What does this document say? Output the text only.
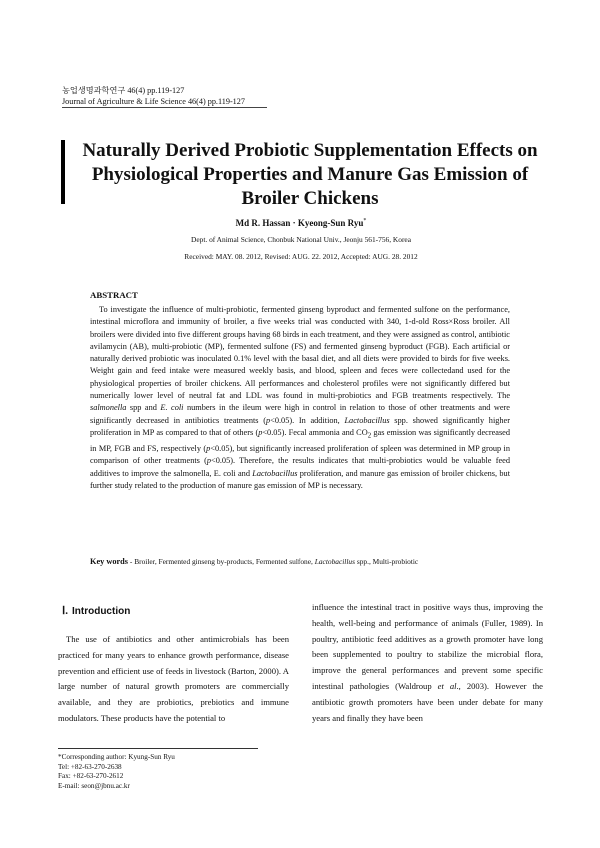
농업생명과학연구 46(4) pp.119-127
Journal of Agriculture & Life Science 46(4) pp.119-127
Naturally Derived Probiotic Supplementation Effects on Physiological Properties and Manure Gas Emission of Broiler Chickens
Md R. Hassan · Kyeong-Sun Ryu*
Dept. of Animal Science, Chonbuk National Univ., Jeonju 561-756, Korea
Received: MAY. 08. 2012, Revised: AUG. 22. 2012, Accepted: AUG. 28. 2012
ABSTRACT
To investigate the influence of multi-probiotic, fermented ginseng byproduct and fermented sulfone on the performance, intestinal microflora and immunity of broiler, a five weeks trial was conducted with 340, 1-d-old Ross×Ross broiler. All broilers were divided into five different groups having 68 birds in each treatment, and they were assigned as control, antibiotic avilamycin (AB), multi-probiotic (MP), fermented sulfone (FS) and fermented ginseng byproduct (FGB). Each artificial or naturally derived probiotic was inoculated 0.1% level with the basal diet, and all diets were provided to birds for five weeks. Weight gain and feed intake were measured weekly basis, and blood, spleen and feces were collectedand used for the physiological properties of broiler chickens. All performances and cholesterol profiles were not significantly differed but numerically lower level of neutral fat and LDL was found in multi-probiotics and FGB treatments respectively. The salmonella spp and E. coli numbers in the ileum were high in control in relation to those of other treatments and were significantly decreased in antibiotics treatments (p<0.05). In addition, Lactobacillus spp. showed significantly higher proliferation in MP as compared to that of others (p<0.05). Fecal ammonia and $CO_2$ gas emission was significantly decreased in MP, FGB and FS, respectively (p<0.05), but significantly increased proliferation of spleen was determined in MP group in comparison of other treatments (p<0.05). Therefore, the results indicates that multi-probiotics would be valuable feed additives to improve the salmonella, E. coli and Lactobacillus proliferation, and manure gas emission of broiler chickens, but further study related to the production of manure gas emission of MP is necessary.
Key words - Broiler, Fermented ginseng by-products, Fermented sulfone, Lactobacillus spp., Multi-probiotic
Ⅰ. Introduction
The use of antibiotics and other antimicrobials has been practiced for many years to enhance growth performance, disease prevention and efficient use of feeds in livestock (Barton, 2000). A large number of natural growth promoters are commercially available, and they are probiotics, prebiotics and immune modulators. These products have the potential to
influence the intestinal tract in positive ways thus, improving the health, well-being and performance of animals (Fuller, 1989). In poultry, antibiotic feed additives as a growth promoter have long been supplemented to poultry to stabilize the microbial flora, improve the general performances and prevent some specific intestinal pathologies (Waldroup et al., 2003). However the antibiotic growth promoters have been under debate for many years and finally they have been
*Corresponding author: Kyung-Sun Ryu
Tel: +82-63-270-2638
Fax: +82-63-270-2612
E-mail: seon@jbnu.ac.kr
